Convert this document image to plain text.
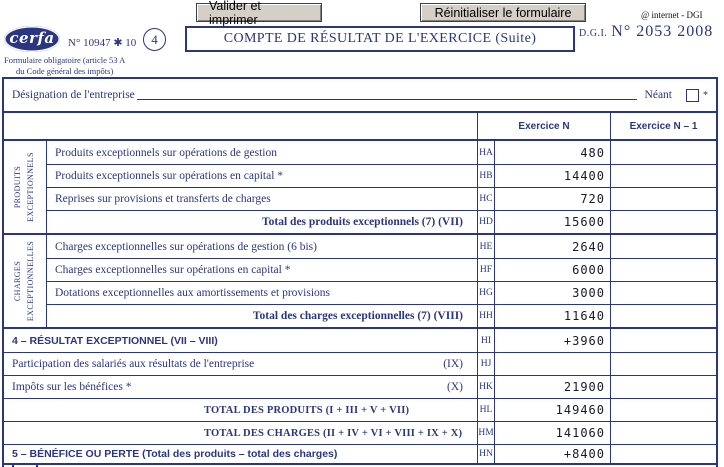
Valider et imprimer	Réinitialiser le formulaire
cerfa N° 10947 ✱ 10
Formulaire obligatoire (article 53 A
du Code général des impôts)
4	COMPTE DE RÉSULTAT DE L'EXERCICE (Suite)
@ internet - DGI
D.G.I. N° 2053 2008
Désignation de l'entreprise	Néant	*
Exercice N	Exercice N – 1
PRODUITS EXCEPTIONNELS Produits exceptionnels sur opérations de gestion	HA	480
Produits exceptionnels sur opérations en capital *	HB	14400
Reprises sur provisions et transferts de charges	HC	720
Total des produits exceptionnels (7) (VII) HD	15600
CHARGES EXCEPTIONNELLES Charges exceptionnelles sur opérations de gestion (6 bis)	HE	2640
Charges exceptionnelles sur opérations en capital *	HF	6000
Dotations exceptionnelles aux amortissements et provisions	HG	3000
Total des charges exceptionnelles (7) (VIII) HH	11640
4 – RÉSULTAT EXCEPTIONNEL (VII – VIII)	HI	+3960
Participation des salariés aux résultats de l'entreprise	(IX)	HJ
Impôts sur les bénéfices *	(X)	HK	21900
TOTAL DES PRODUITS (I + III + V + VII)	HL	149460
TOTAL DES CHARGES (II + IV + VI + VIII + IX + X) HM	141060
5 – BÉNÉFICE OU PERTE (Total des produits – total des charges)	HN	+8400
